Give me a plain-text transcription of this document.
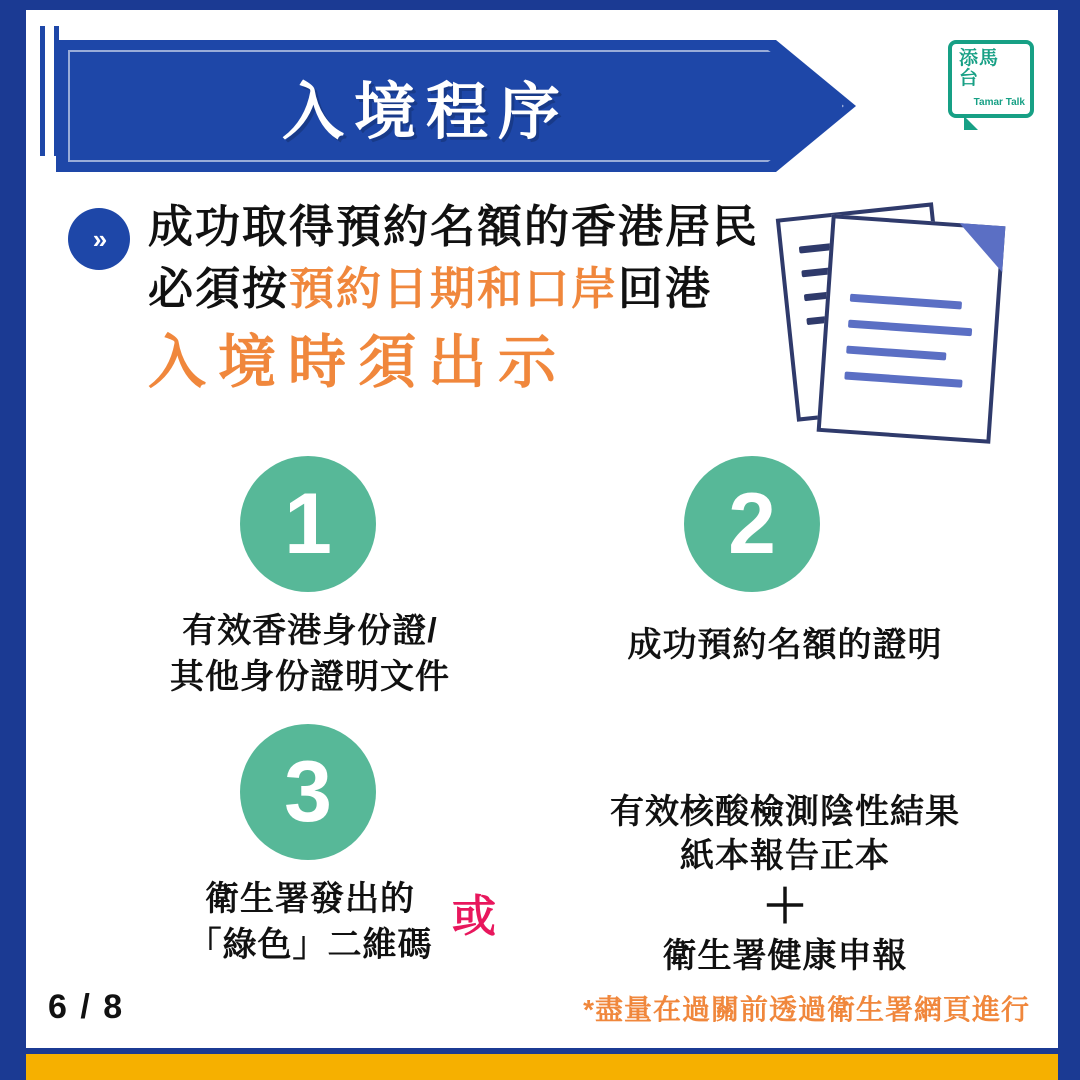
入境程序
添馬台
Tamar Talk
» 成功取得預約名額的香港居民
必須按預約日期和口岸回港
入境時須出示
1
有效香港身份證/
其他身份證明文件
2
成功預約名額的證明
3
衛生署發出的
「綠色」二維碼
或
有效核酸檢測陰性結果
紙本報告正本
＋
衛生署健康申報
*盡量在過關前透過衛生署網頁進行
6 / 8
